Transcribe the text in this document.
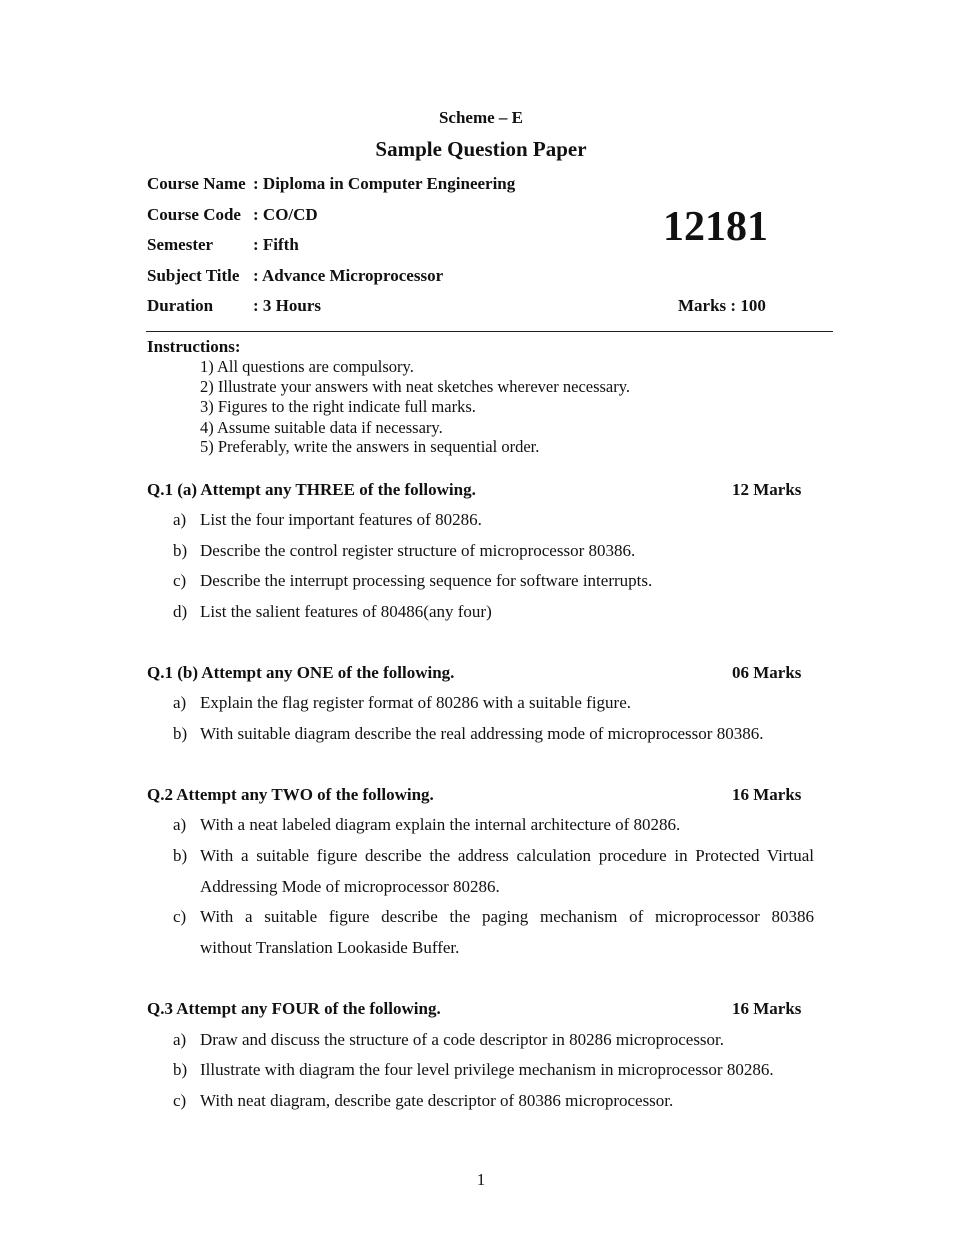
Scheme – E
Sample Question Paper
Course Name : Diploma in Computer Engineering
Course Code : CO/CD
Semester : Fifth
Subject Title : Advance Microprocessor
Duration : 3 Hours
12181
Marks : 100
Instructions:
1) All questions are compulsory.
2) Illustrate your answers with neat sketches wherever necessary.
3) Figures to the right indicate full marks.
4) Assume suitable data if necessary.
5) Preferably, write the answers in sequential order.
Q.1 (a) Attempt any THREE of the following.	12 Marks
a) List the four important features of 80286.
b) Describe the control register structure of microprocessor 80386.
c) Describe the interrupt processing sequence for software interrupts.
d) List the salient features of 80486(any four)
Q.1 (b) Attempt any ONE of the following.	06 Marks
a) Explain the flag register format of 80286 with a suitable figure.
b) With suitable diagram describe the real addressing mode of microprocessor 80386.
Q.2 Attempt any TWO of the following.	16 Marks
a) With a neat labeled diagram explain the internal architecture of 80286.
b) With a suitable figure describe the address calculation procedure in Protected Virtual
Addressing Mode of microprocessor 80286.
c) With a suitable figure describe the paging mechanism of microprocessor 80386
without Translation Lookaside Buffer.
Q.3 Attempt any FOUR of the following.	16 Marks
a) Draw and discuss the structure of a code descriptor in 80286 microprocessor.
b) Illustrate with diagram the four level privilege mechanism in microprocessor 80286.
c) With neat diagram, describe gate descriptor of 80386 microprocessor.
1
